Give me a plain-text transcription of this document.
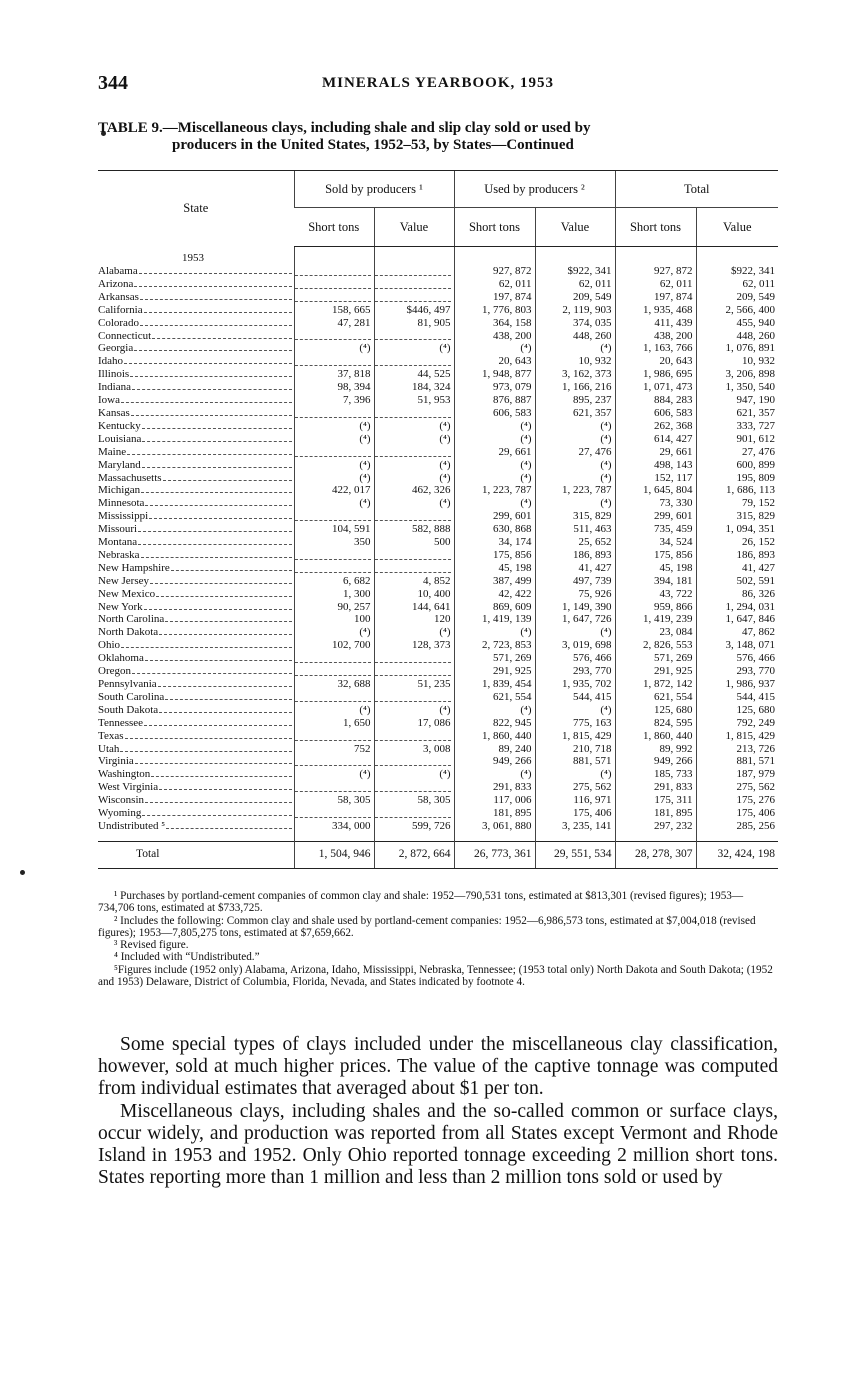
344	MINERALS YEARBOOK, 1953
TABLE 9.—Miscellaneous clays, including shale and slip clay sold or used by
producers in the United States, 1952–53, by States—Continued
State	Sold by producers ¹		Used by producers ²		Total	
	Short tons	Value	Short tons	Value	Short tons	Value
1953						

Alabama			927, 872	$922, 341	927, 872	$922, 341

Arizona			62, 011	62, 011	62, 011	62, 011

Arkansas			197, 874	209, 549	197, 874	209, 549

California	158, 665	$446, 497	1, 776, 803	2, 119, 903	1, 935, 468	2, 566, 400

Colorado	47, 281	81, 905	364, 158	374, 035	411, 439	455, 940

Connecticut			438, 200	448, 260	438, 200	448, 260

Georgia	(⁴)	(⁴)	(⁴)	(⁴)	1, 163, 766	1, 076, 891

Idaho			20, 643	10, 932	20, 643	10, 932

Illinois	37, 818	44, 525	1, 948, 877	3, 162, 373	1, 986, 695	3, 206, 898

Indiana	98, 394	184, 324	973, 079	1, 166, 216	1, 071, 473	1, 350, 540

Iowa	7, 396	51, 953	876, 887	895, 237	884, 283	947, 190

Kansas			606, 583	621, 357	606, 583	621, 357

Kentucky	(⁴)	(⁴)	(⁴)	(⁴)	262, 368	333, 727

Louisiana	(⁴)	(⁴)	(⁴)	(⁴)	614, 427	901, 612

Maine			29, 661	27, 476	29, 661	27, 476

Maryland	(⁴)	(⁴)	(⁴)	(⁴)	498, 143	600, 899

Massachusetts	(⁴)	(⁴)	(⁴)	(⁴)	152, 117	195, 809

Michigan	422, 017	462, 326	1, 223, 787	1, 223, 787	1, 645, 804	1, 686, 113

Minnesota	(⁴)	(⁴)	(⁴)	(⁴)	73, 330	79, 152

Mississippi			299, 601	315, 829	299, 601	315, 829

Missouri	104, 591	582, 888	630, 868	511, 463	735, 459	1, 094, 351

Montana	350	500	34, 174	25, 652	34, 524	26, 152

Nebraska			175, 856	186, 893	175, 856	186, 893

New Hampshire			45, 198	41, 427	45, 198	41, 427

New Jersey	6, 682	4, 852	387, 499	497, 739	394, 181	502, 591

New Mexico	1, 300	10, 400	42, 422	75, 926	43, 722	86, 326

New York	90, 257	144, 641	869, 609	1, 149, 390	959, 866	1, 294, 031

North Carolina	100	120	1, 419, 139	1, 647, 726	1, 419, 239	1, 647, 846

North Dakota	(⁴)	(⁴)	(⁴)	(⁴)	23, 084	47, 862

Ohio	102, 700	128, 373	2, 723, 853	3, 019, 698	2, 826, 553	3, 148, 071

Oklahoma			571, 269	576, 466	571, 269	576, 466

Oregon			291, 925	293, 770	291, 925	293, 770

Pennsylvania	32, 688	51, 235	1, 839, 454	1, 935, 702	1, 872, 142	1, 986, 937

South Carolina			621, 554	544, 415	621, 554	544, 415

South Dakota	(⁴)	(⁴)	(⁴)	(⁴)	125, 680	125, 680

Tennessee	1, 650	17, 086	822, 945	775, 163	824, 595	792, 249

Texas			1, 860, 440	1, 815, 429	1, 860, 440	1, 815, 429

Utah	752	3, 008	89, 240	210, 718	89, 992	213, 726

Virginia			949, 266	881, 571	949, 266	881, 571

Washington	(⁴)	(⁴)	(⁴)	(⁴)	185, 733	187, 979

West Virginia			291, 833	275, 562	291, 833	275, 562

Wisconsin	58, 305	58, 305	117, 006	116, 971	175, 311	175, 276

Wyoming			181, 895	175, 406	181, 895	175, 406

Undistributed ⁵	334, 000	599, 726	3, 061, 880	3, 235, 141	297, 232	285, 256

Total	1, 504, 946	2, 872, 664	26, 773, 361	29, 551, 534	28, 278, 307	32, 424, 198

¹ Purchases by portland-cement companies of common clay and shale: 1952—790,531 tons, estimated at $813,301 (revised figures); 1953—734,706 tons, estimated at $733,725.

² Includes the following: Common clay and shale used by portland-cement companies: 1952—6,986,573 tons, estimated at $7,004,018 (revised figures); 1953—7,805,275 tons, estimated at $7,659,662.

³ Revised figure.

⁴ Included with “Undistributed.”

⁵Figures include (1952 only) Alabama, Arizona, Idaho, Mississippi, Nebraska, Tennessee; (1953 total only) North Dakota and South Dakota; (1952 and 1953) Delaware, District of Columbia, Florida, Nevada, and States indicated by footnote 4.

Some special types of clays included under the miscellaneous clay classification, however, sold at much higher prices. The value of the captive tonnage was computed from individual estimates that averaged about $1 per ton.

Miscellaneous clays, including shales and the so-called common or surface clays, occur widely, and production was reported from all States except Vermont and Rhode Island in 1953 and 1952. Only Ohio reported tonnage exceeding 2 million short tons. States reporting more than 1 million and less than 2 million tons sold or used by
